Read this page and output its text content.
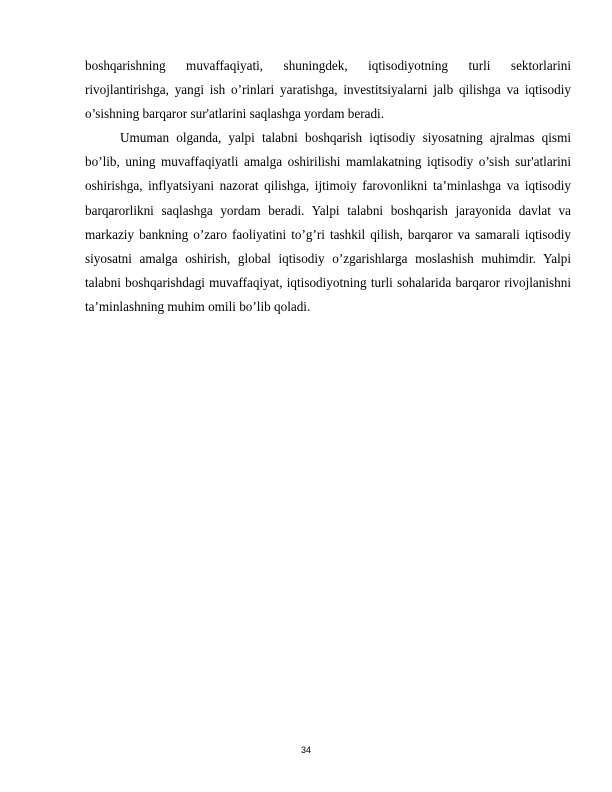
boshqarishning muvaffaqiyati, shuningdek, iqtisodiyotning turli sektorlarini rivojlantirishga, yangi ish o’rinlari yaratishga, investitsiyalarni jalb qilishga va iqtisodiy o’sishning barqaror sur'atlarini saqlashga yordam beradi.

Umuman olganda, yalpi talabni boshqarish iqtisodiy siyosatning ajralmas qismi bo’lib, uning muvaffaqiyatli amalga oshirilishi mamlakatning iqtisodiy o’sish sur'atlarini oshirishga, inflyatsiyani nazorat qilishga, ijtimoiy farovonlikni ta’minlashga va iqtisodiy barqarorlikni saqlashga yordam beradi. Yalpi talabni boshqarish jarayonida davlat va markaziy bankning o’zaro faoliyatini to’g’ri tashkil qilish, barqaror va samarali iqtisodiy siyosatni amalga oshirish, global iqtisodiy o’zgarishlarga moslashish muhimdir. Yalpi talabni boshqarishdagi muvaffaqiyat, iqtisodiyotning turli sohalarida barqaror rivojlanishni ta’minlashning muhim omili bo’lib qoladi.

34
